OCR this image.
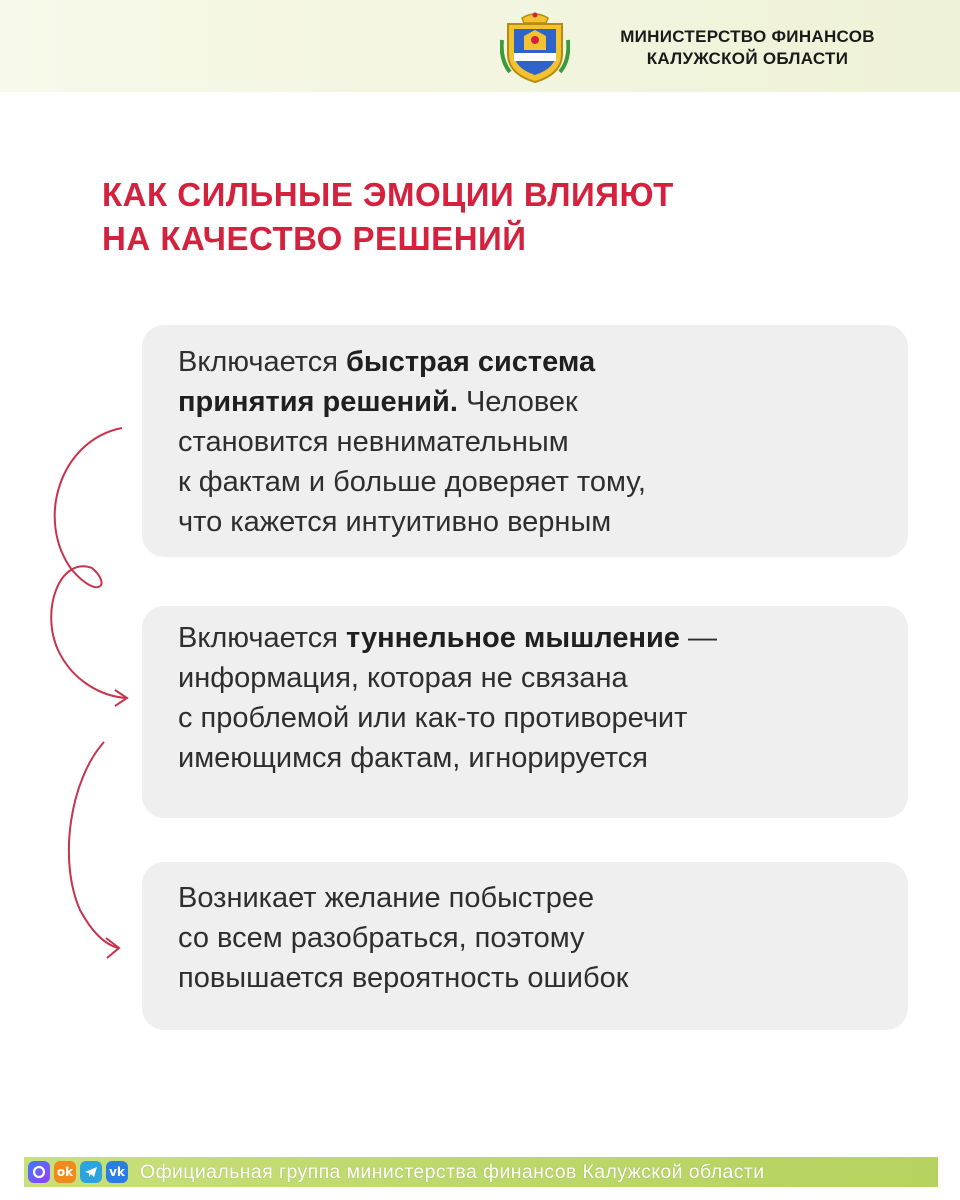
МИНИСТЕРСТВО ФИНАНСОВ
КАЛУЖСКОЙ ОБЛАСТИ
КАК СИЛЬНЫЕ ЭМОЦИИ ВЛИЯЮТ
НА КАЧЕСТВО РЕШЕНИЙ
Включается быстрая система
принятия решений. Человек
становится невнимательным
к фактам и больше доверяет тому,
что кажется интуитивно верным
Включается туннельное мышление —
информация, которая не связана
с проблемой или как-то противоречит
имеющимся фактам, игнорируется
Возникает желание побыстрее
со всем разобраться, поэтому
повышается вероятность ошибок
ok	vk Официальная группа министерства финансов Калужской области
